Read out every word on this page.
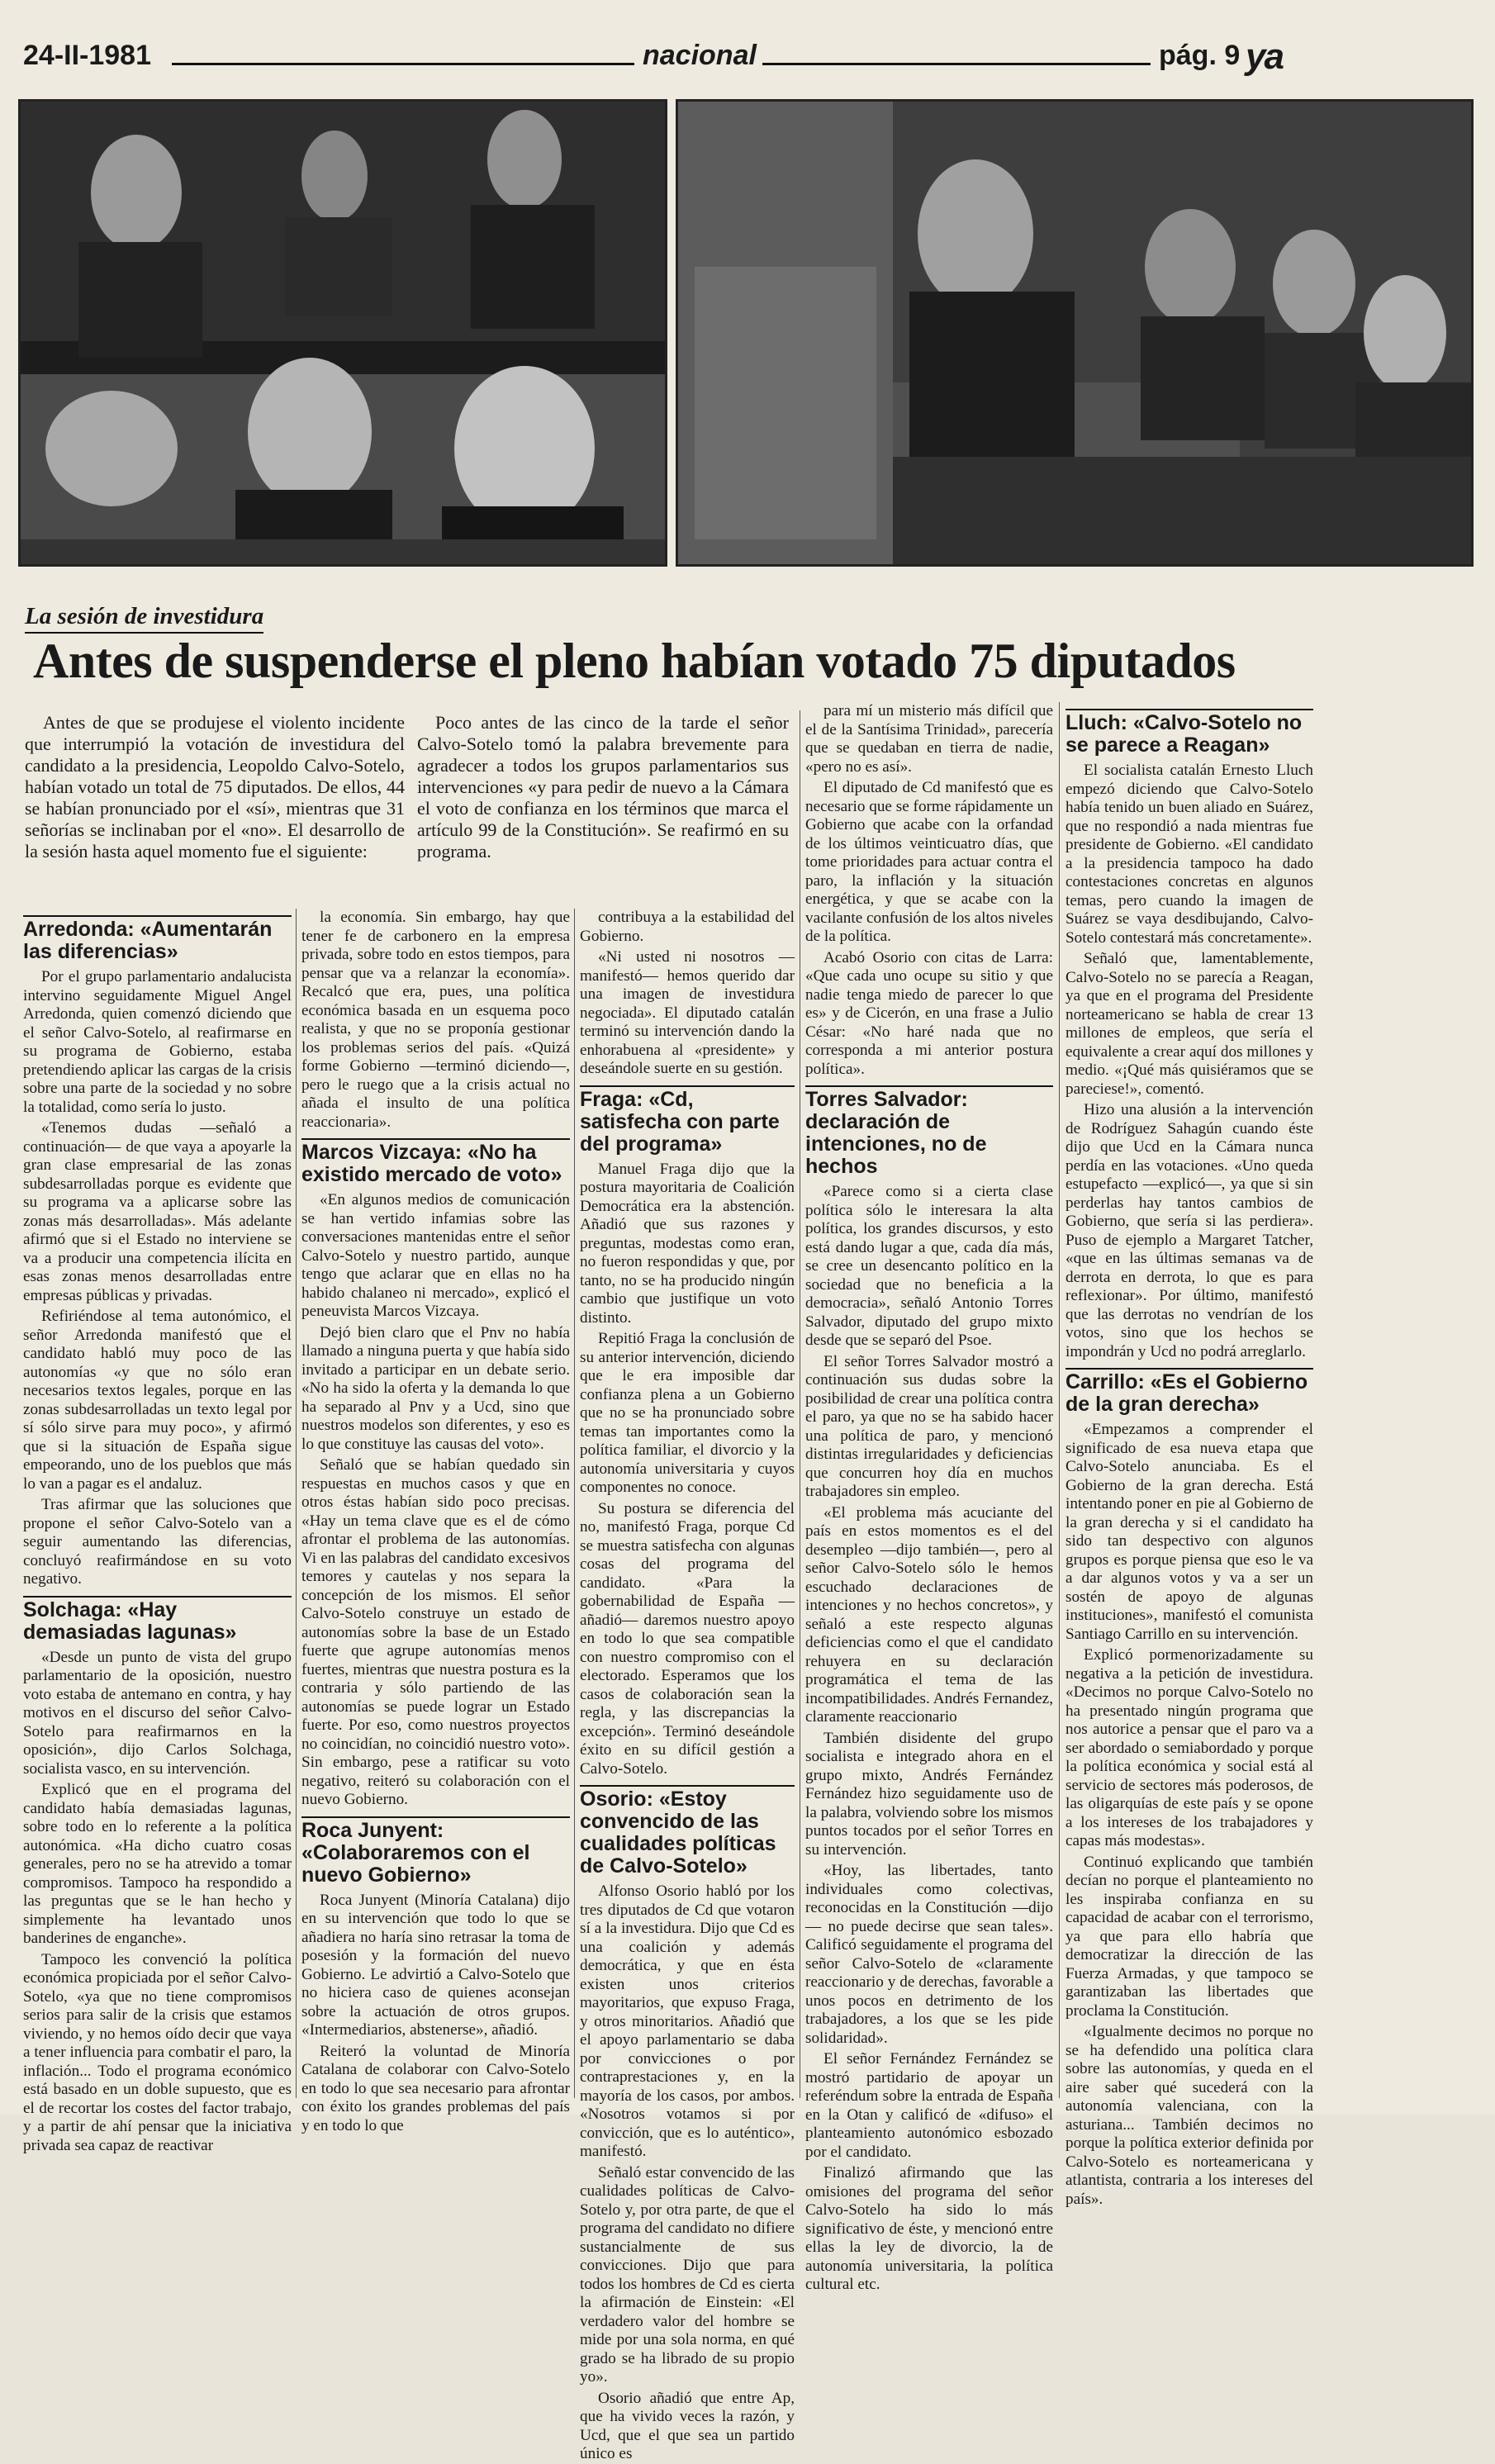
24-II-1981	nacional	pág. 9 ya
La sesión de investidura
Antes de suspenderse el pleno habían votado 75 diputados

Antes de que se produjese el violento incidente que interrumpió la votación de investidura del candidato a la presidencia, Leopoldo Calvo-Sotelo, habían votado un total de 75 diputados. De ellos, 44 se habían pronunciado por el «sí», mientras que 31 señorías se inclinaban por el «no». El desarrollo de la sesión hasta aquel momento fue el siguiente:

Poco antes de las cinco de la tarde el señor Calvo-Sotelo tomó la palabra brevemente para agradecer a todos los grupos parlamentarios sus intervenciones «y para pedir de nuevo a la Cámara el voto de confianza en los términos que marca el artículo 99 de la Constitución». Se reafirmó en su programa.

Arredonda: «Aumentarán las diferencias»

Por el grupo parlamentario andalucista intervino seguidamente Miguel Angel Arredonda, quien comenzó diciendo que el señor Calvo-Sotelo, al reafirmarse en su programa de Gobierno, estaba pretendiendo aplicar las cargas de la crisis sobre una parte de la sociedad y no sobre la totalidad, como sería lo justo.

«Tenemos dudas —señaló a continuación— de que vaya a apoyarle la gran clase empresarial de las zonas subdesarrolladas porque es evidente que su programa va a aplicarse sobre las zonas más desarrolladas». Más adelante afirmó que si el Estado no interviene se va a producir una competencia ilícita en esas zonas menos desarrolladas entre empresas públicas y privadas.

Refiriéndose al tema autonómico, el señor Arredonda manifestó que el candidato habló muy poco de las autonomías «y que no sólo eran necesarios textos legales, porque en las zonas subdesarrolladas un texto legal por sí sólo sirve para muy poco», y afirmó que si la situación de España sigue empeorando, uno de los pueblos que más lo van a pagar es el andaluz.

Tras afirmar que las soluciones que propone el señor Calvo-Sotelo van a seguir aumentando las diferencias, concluyó reafirmándose en su voto negativo.

Solchaga: «Hay demasiadas lagunas»

«Desde un punto de vista del grupo parlamentario de la oposición, nuestro voto estaba de antemano en contra, y hay motivos en el discurso del señor Calvo-Sotelo para reafirmarnos en la oposición», dijo Carlos Solchaga, socialista vasco, en su intervención.

Explicó que en el programa del candidato había demasiadas lagunas, sobre todo en lo referente a la política autonómica. «Ha dicho cuatro cosas generales, pero no se ha atrevido a tomar compromisos. Tampoco ha respondido a las preguntas que se le han hecho y simplemente ha levantado unos banderines de enganche».

Tampoco les convenció la política económica propiciada por el señor Calvo-Sotelo, «ya que no tiene compromisos serios para salir de la crisis que estamos viviendo, y no hemos oído decir que vaya a tener influencia para combatir el paro, la inflación... Todo el programa económico está basado en un doble supuesto, que es el de recortar los costes del factor trabajo, y a partir de ahí pensar que la iniciativa privada sea capaz de reactivar

la economía. Sin embargo, hay que tener fe de carbonero en la empresa privada, sobre todo en estos tiempos, para pensar que va a relanzar la economía». Recalcó que era, pues, una política económica basada en un esquema poco realista, y que no se proponía gestionar los problemas serios del país. «Quizá forme Gobierno —terminó diciendo—, pero le ruego que a la crisis actual no añada el insulto de una política reaccionaria».

Marcos Vizcaya: «No ha existido mercado de voto»

«En algunos medios de comunicación se han vertido infamias sobre las conversaciones mantenidas entre el señor Calvo-Sotelo y nuestro partido, aunque tengo que aclarar que en ellas no ha habido chalaneo ni mercado», explicó el peneuvista Marcos Vizcaya.

Dejó bien claro que el Pnv no había llamado a ninguna puerta y que había sido invitado a participar en un debate serio. «No ha sido la oferta y la demanda lo que ha separado al Pnv y a Ucd, sino que nuestros modelos son diferentes, y eso es lo que constituye las causas del voto».

Señaló que se habían quedado sin respuestas en muchos casos y que en otros éstas habían sido poco precisas. «Hay un tema clave que es el de cómo afrontar el problema de las autonomías. Vi en las palabras del candidato excesivos temores y cautelas y nos separa la concepción de los mismos. El señor Calvo-Sotelo construye un estado de autonomías sobre la base de un Estado fuerte que agrupe autonomías menos fuertes, mientras que nuestra postura es la contraria y sólo partiendo de las autonomías se puede lograr un Estado fuerte. Por eso, como nuestros proyectos no coincidían, no coincidió nuestro voto». Sin embargo, pese a ratificar su voto negativo, reiteró su colaboración con el nuevo Gobierno.

Roca Junyent: «Colaboraremos con el nuevo Gobierno»

Roca Junyent (Minoría Catalana) dijo en su intervención que todo lo que se añadiera no haría sino retrasar la toma de posesión y la formación del nuevo Gobierno. Le advirtió a Calvo-Sotelo que no hiciera caso de quienes aconsejan sobre la actuación de otros grupos. «Intermediarios, abstenerse», añadió.

Reiteró la voluntad de Minoría Catalana de colaborar con Calvo-Sotelo en todo lo que sea necesario para afrontar con éxito los grandes problemas del país y en todo lo que

contribuya a la estabilidad del Gobierno.

«Ni usted ni nosotros —manifestó— hemos querido dar una imagen de investidura negociada». El diputado catalán terminó su intervención dando la enhorabuena al «presidente» y deseándole suerte en su gestión.

Fraga: «Cd, satisfecha con parte del programa»

Manuel Fraga dijo que la postura mayoritaria de Coalición Democrática era la abstención. Añadió que sus razones y preguntas, modestas como eran, no fueron respondidas y que, por tanto, no se ha producido ningún cambio que justifique un voto distinto.

Repitió Fraga la conclusión de su anterior intervención, diciendo que le era imposible dar confianza plena a un Gobierno que no se ha pronunciado sobre temas tan importantes como la política familiar, el divorcio y la autonomía universitaria y cuyos componentes no conoce.

Su postura se diferencia del no, manifestó Fraga, porque Cd se muestra satisfecha con algunas cosas del programa del candidato. «Para la gobernabilidad de España —añadió— daremos nuestro apoyo en todo lo que sea compatible con nuestro compromiso con el electorado. Esperamos que los casos de colaboración sean la regla, y las discrepancias la excepción». Terminó deseándole éxito en su difícil gestión a Calvo-Sotelo.

Osorio: «Estoy convencido de las cualidades políticas de Calvo-Sotelo»

Alfonso Osorio habló por los tres diputados de Cd que votaron sí a la investidura. Dijo que Cd es una coalición y además democrática, y que en ésta existen unos criterios mayoritarios, que expuso Fraga, y otros minoritarios. Añadió que el apoyo parlamentario se daba por convicciones o por contraprestaciones y, en la mayoría de los casos, por ambos. «Nosotros votamos si por convicción, que es lo auténtico», manifestó.

Señaló estar convencido de las cualidades políticas de Calvo-Sotelo y, por otra parte, de que el programa del candidato no difiere sustancialmente de sus convicciones. Dijo que para todos los hombres de Cd es cierta la afirmación de Einstein: «El verdadero valor del hombre se mide por una sola norma, en qué grado se ha librado de su propio yo».

Osorio añadió que entre Ap, que ha vivido veces la razón, y Ucd, que el que sea un partido único es

para mí un misterio más difícil que el de la Santísima Trinidad», parecería que se quedaban en tierra de nadie, «pero no es así».

El diputado de Cd manifestó que es necesario que se forme rápidamente un Gobierno que acabe con la orfandad de los últimos veinticuatro días, que tome prioridades para actuar contra el paro, la inflación y la situación energética, y que se acabe con la vacilante confusión de los altos niveles de la política.

Acabó Osorio con citas de Larra: «Que cada uno ocupe su sitio y que nadie tenga miedo de parecer lo que es» y de Cicerón, en una frase a Julio César: «No haré nada que no corresponda a mi anterior postura política».

Torres Salvador: declaración de intenciones, no de hechos

«Parece como si a cierta clase política sólo le interesara la alta política, los grandes discursos, y esto está dando lugar a que, cada día más, se cree un desencanto político en la sociedad que no beneficia a la democracia», señaló Antonio Torres Salvador, diputado del grupo mixto desde que se separó del Psoe.

El señor Torres Salvador mostró a continuación sus dudas sobre la posibilidad de crear una política contra el paro, ya que no se ha sabido hacer una política de paro, y mencionó distintas irregularidades y deficiencias que concurren hoy día en muchos trabajadores sin empleo.

«El problema más acuciante del país en estos momentos es el del desempleo —dijo también—, pero al señor Calvo-Sotelo sólo le hemos escuchado declaraciones de intenciones y no hechos concretos», y señaló a este respecto algunas deficiencias como el que el candidato rehuyera en su declaración programática el tema de las incompatibilidades. Andrés Fernandez, claramente reaccionario

También disidente del grupo socialista e integrado ahora en el grupo mixto, Andrés Fernández Fernández hizo seguidamente uso de la palabra, volviendo sobre los mismos puntos tocados por el señor Torres en su intervención.

«Hoy, las libertades, tanto individuales como colectivas, reconocidas en la Constitución —dijo— no puede decirse que sean tales». Calificó seguidamente el programa del señor Calvo-Sotelo de «claramente reaccionario y de derechas, favorable a unos pocos en detrimento de los trabajadores, a los que se les pide solidaridad».

El señor Fernández Fernández se mostró partidario de apoyar un referéndum sobre la entrada de España en la Otan y calificó de «difuso» el planteamiento autonómico esbozado por el candidato.

Finalizó afirmando que las omisiones del programa del señor Calvo-Sotelo ha sido lo más significativo de éste, y mencionó entre ellas la ley de divorcio, la de autonomía universitaria, la política cultural etc.

Lluch: «Calvo-Sotelo no se parece a Reagan»

El socialista catalán Ernesto Lluch empezó diciendo que Calvo-Sotelo había tenido un buen aliado en Suárez, que no respondió a nada mientras fue presidente de Gobierno. «El candidato a la presidencia tampoco ha dado contestaciones concretas en algunos temas, pero cuando la imagen de Suárez se vaya desdibujando, Calvo-Sotelo contestará más concretamente».

Señaló que, lamentablemente, Calvo-Sotelo no se parecía a Reagan, ya que en el programa del Presidente norteamericano se habla de crear 13 millones de empleos, que sería el equivalente a crear aquí dos millones y medio. «¡Qué más quisiéramos que se pareciese!», comentó.

Hizo una alusión a la intervención de Rodríguez Sahagún cuando éste dijo que Ucd en la Cámara nunca perdía en las votaciones. «Uno queda estupefacto —explicó—, ya que si sin perderlas hay tantos cambios de Gobierno, que sería si las perdiera». Puso de ejemplo a Margaret Tatcher, «que en las últimas semanas va de derrota en derrota, lo que es para reflexionar». Por último, manifestó que las derrotas no vendrían de los votos, sino que los hechos se impondrán y Ucd no podrá arreglarlo.

Carrillo: «Es el Gobierno de la gran derecha»

«Empezamos a comprender el significado de esa nueva etapa que Calvo-Sotelo anunciaba. Es el Gobierno de la gran derecha. Está intentando poner en pie al Gobierno de la gran derecha y si el candidato ha sido tan despectivo con algunos grupos es porque piensa que eso le va a dar algunos votos y va a ser un sostén de apoyo de algunas instituciones», manifestó el comunista Santiago Carrillo en su intervención.

Explicó pormenorizadamente su negativa a la petición de investidura. «Decimos no porque Calvo-Sotelo no ha presentado ningún programa que nos autorice a pensar que el paro va a ser abordado o semiabordado y porque la política económica y social está al servicio de sectores más poderosos, de las oligarquías de este país y se opone a los intereses de los trabajadores y capas más modestas».

Continuó explicando que también decían no porque el planteamiento no les inspiraba confianza en su capacidad de acabar con el terrorismo, ya que para ello habría que democratizar la dirección de las Fuerza Armadas, y que tampoco se garantizaban las libertades que proclama la Constitución.

«Igualmente decimos no porque no se ha defendido una política clara sobre las autonomías, y queda en el aire saber qué sucederá con la autonomía valenciana, con la asturiana... También decimos no porque la política exterior definida por Calvo-Sotelo es norteamericana y atlantista, contraria a los intereses del país».
